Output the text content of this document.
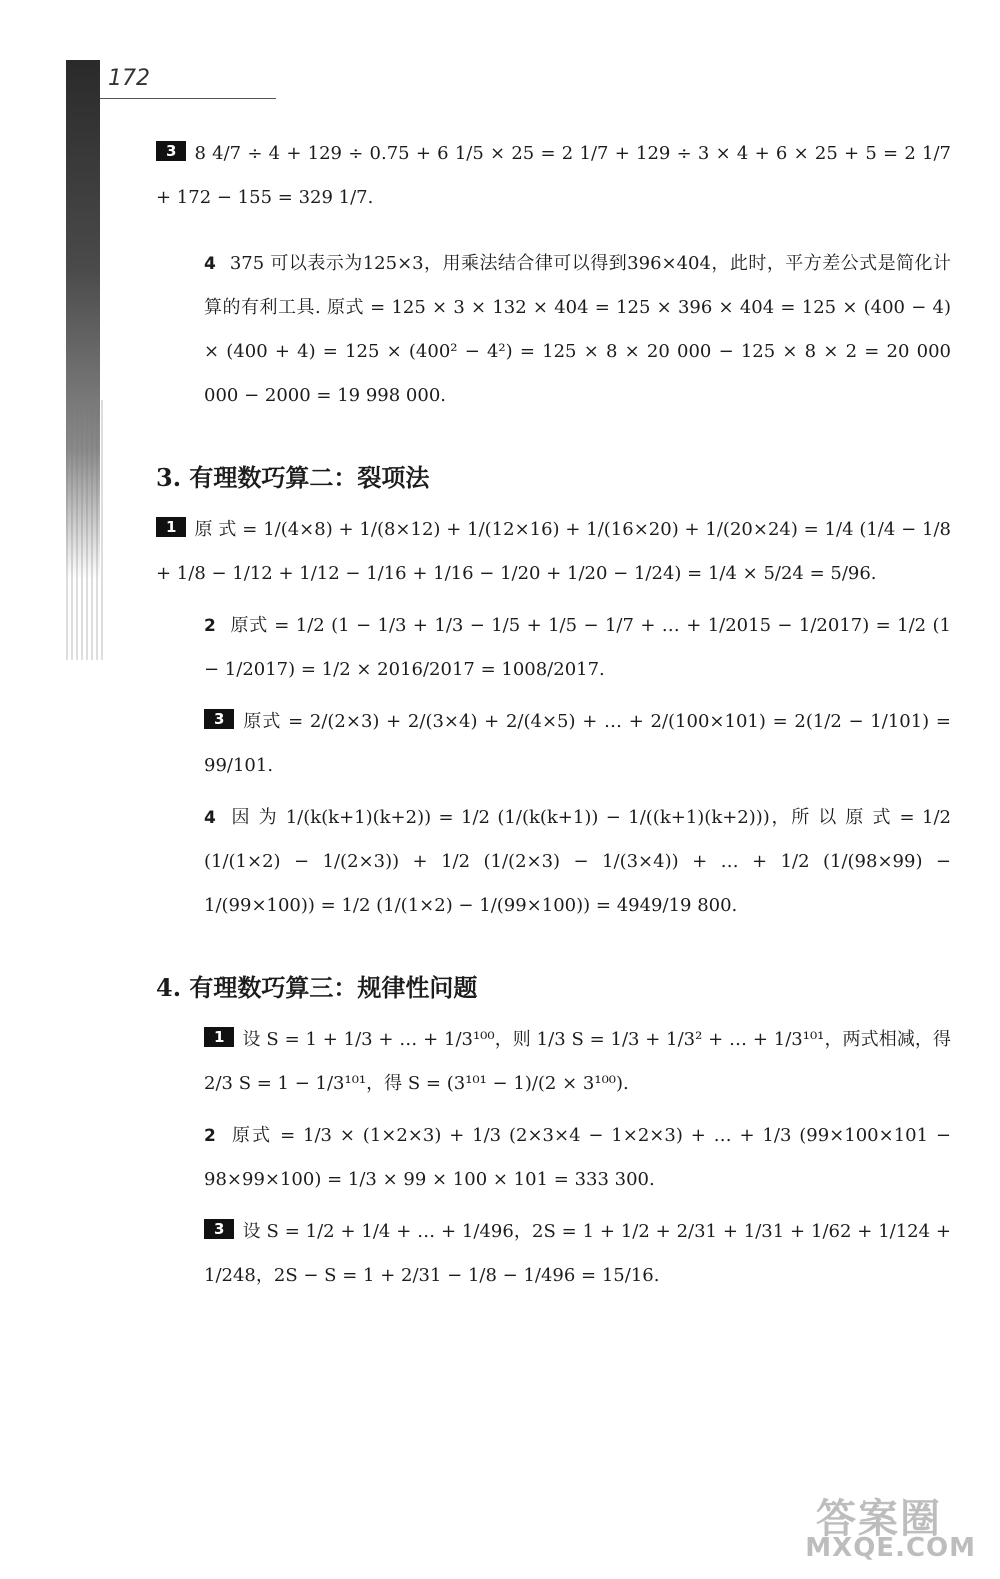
172

3 8 4/7 ÷ 4 + 129 ÷ 0.75 + 6 1/5 × 25 = 2 1/7 + 129 ÷ 3 × 4 + 6 × 25 + 5 = 2 1/7 + 172 − 155 = 329 1/7.

4 375 可以表示为125×3，用乘法结合律可以得到396×404，此时，平方差公式是简化计算的有利工具. 原式 = 125 × 3 × 132 × 404 = 125 × 396 × 404 = 125 × (400 − 4) × (400 + 4) = 125 × (400² − 4²) = 125 × 8 × 20 000 − 125 × 8 × 2 = 20 000 000 − 2000 = 19 998 000.

3. 有理数巧算二：裂项法

1 原 式 = 1/(4×8) + 1/(8×12) + 1/(12×16) + 1/(16×20) + 1/(20×24) = 1/4 (1/4 − 1/8 + 1/8 − 1/12 + 1/12 − 1/16 + 1/16 − 1/20 + 1/20 − 1/24) = 1/4 × 5/24 = 5/96.

2 原式 = 1/2 (1 − 1/3 + 1/3 − 1/5 + 1/5 − 1/7 + … + 1/2015 − 1/2017) = 1/2 (1 − 1/2017) = 1/2 × 2016/2017 = 1008/2017.

3 原式 = 2/(2×3) + 2/(3×4) + 2/(4×5) + … + 2/(100×101) = 2(1/2 − 1/101) = 99/101.

4 因 为 1/(k(k+1)(k+2)) = 1/2 (1/(k(k+1)) − 1/((k+1)(k+2)))，所 以 原 式 = 1/2 (1/(1×2) − 1/(2×3)) + 1/2 (1/(2×3) − 1/(3×4)) + … + 1/2 (1/(98×99) − 1/(99×100)) = 1/2 (1/(1×2) − 1/(99×100)) = 4949/19 800.

4. 有理数巧算三：规律性问题

1 设 S = 1 + 1/3 + … + 1/3¹⁰⁰，则 1/3 S = 1/3 + 1/3² + … + 1/3¹⁰¹，两式相减，得 2/3 S = 1 − 1/3¹⁰¹，得 S = (3¹⁰¹ − 1)/(2 × 3¹⁰⁰).

2 原式 = 1/3 × (1×2×3) + 1/3 (2×3×4 − 1×2×3) + … + 1/3 (99×100×101 − 98×99×100) = 1/3 × 99 × 100 × 101 = 333 300.

3 设 S = 1/2 + 1/4 + … + 1/496，2S = 1 + 1/2 + 2/31 + 1/31 + 1/62 + 1/124 + 1/248，2S − S = 1 + 2/31 − 1/8 − 1/496 = 15/16.

答案圈
MXQE.COM
